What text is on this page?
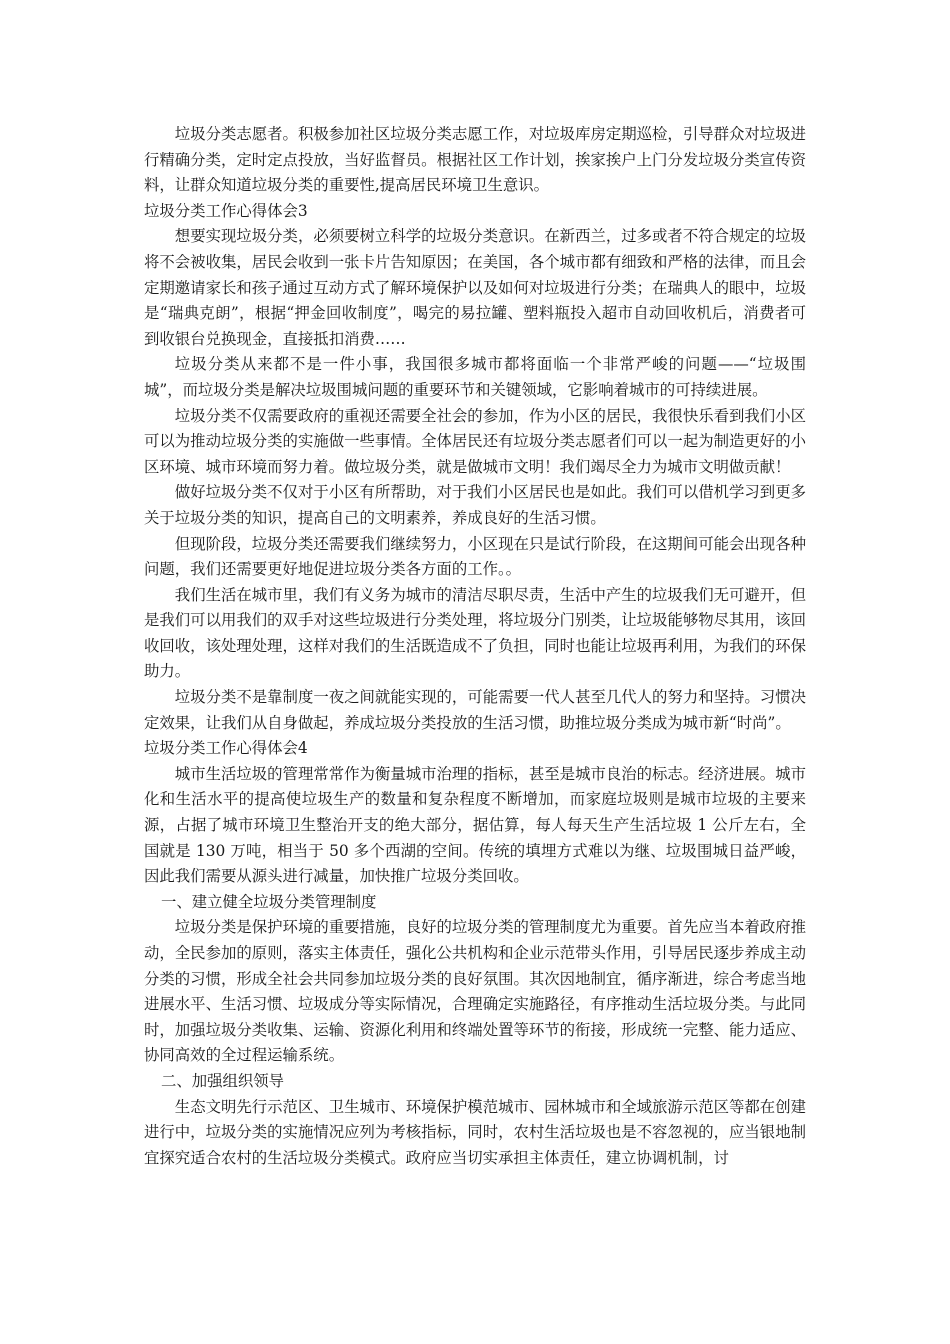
垃圾分类志愿者。积极参加社区垃圾分类志愿工作，对垃圾库房定期巡检，引导群众对垃圾进行精确分类，定时定点投放，当好监督员。根据社区工作计划，挨家挨户上门分发垃圾分类宣传资料，让群众知道垃圾分类的重要性,提高居民环境卫生意识。

垃圾分类工作心得体会3

想要实现垃圾分类，必须要树立科学的垃圾分类意识。在新西兰，过多或者不符合规定的垃圾将不会被收集，居民会收到一张卡片告知原因；在美国，各个城市都有细致和严格的法律，而且会定期邀请家长和孩子通过互动方式了解环境保护以及如何对垃圾进行分类；在瑞典人的眼中，垃圾是“瑞典克朗”，根据“押金回收制度”，喝完的易拉罐、塑料瓶投入超市自动回收机后，消费者可到收银台兑换现金，直接抵扣消费……

垃圾分类从来都不是一件小事，我国很多城市都将面临一个非常严峻的问题——“垃圾围城”，而垃圾分类是解决垃圾围城问题的重要环节和关键领域，它影响着城市的可持续进展。

垃圾分类不仅需要政府的重视还需要全社会的参加，作为小区的居民，我很快乐看到我们小区可以为推动垃圾分类的实施做一些事情。全体居民还有垃圾分类志愿者们可以一起为制造更好的小区环境、城市环境而努力着。做垃圾分类，就是做城市文明！我们竭尽全力为城市文明做贡献！

做好垃圾分类不仅对于小区有所帮助，对于我们小区居民也是如此。我们可以借机学习到更多关于垃圾分类的知识，提高自己的文明素养，养成良好的生活习惯。

但现阶段，垃圾分类还需要我们继续努力，小区现在只是试行阶段，在这期间可能会出现各种问题，我们还需要更好地促进垃圾分类各方面的工作。。

我们生活在城市里，我们有义务为城市的清洁尽职尽责，生活中产生的垃圾我们无可避开，但是我们可以用我们的双手对这些垃圾进行分类处理，将垃圾分门别类，让垃圾能够物尽其用，该回收回收，该处理处理，这样对我们的生活既造成不了负担，同时也能让垃圾再利用，为我们的环保助力。

垃圾分类不是靠制度一夜之间就能实现的，可能需要一代人甚至几代人的努力和坚持。习惯决定效果，让我们从自身做起，养成垃圾分类投放的生活习惯，助推垃圾分类成为城市新“时尚”。

垃圾分类工作心得体会4

城市生活垃圾的管理常常作为衡量城市治理的指标，甚至是城市良治的标志。经济进展。城市化和生活水平的提高使垃圾生产的数量和复杂程度不断增加，而家庭垃圾则是城市垃圾的主要来源，占据了城市环境卫生整治开支的绝大部分，据估算，每人每天生产生活垃圾 1 公斤左右，全国就是 130 万吨，相当于 50 多个西湖的空间。传统的填埋方式难以为继、垃圾围城日益严峻，因此我们需要从源头进行减量，加快推广垃圾分类回收。

一、建立健全垃圾分类管理制度

垃圾分类是保护环境的重要措施，良好的垃圾分类的管理制度尤为重要。首先应当本着政府推动，全民参加的原则，落实主体责任，强化公共机构和企业示范带头作用，引导居民逐步养成主动分类的习惯，形成全社会共同参加垃圾分类的良好氛围。其次因地制宜，循序渐进，综合考虑当地进展水平、生活习惯、垃圾成分等实际情况，合理确定实施路径，有序推动生活垃圾分类。与此同时，加强垃圾分类收集、运输、资源化利用和终端处置等环节的衔接，形成统一完整、能力适应、协同高效的全过程运输系统。

二、加强组织领导

生态文明先行示范区、卫生城市、环境保护模范城市、园林城市和全域旅游示范区等都在创建进行中，垃圾分类的实施情况应列为考核指标，同时，农村生活垃圾也是不容忽视的，应当银地制宜探究适合农村的生活垃圾分类模式。政府应当切实承担主体责任，建立协调机制，讨
